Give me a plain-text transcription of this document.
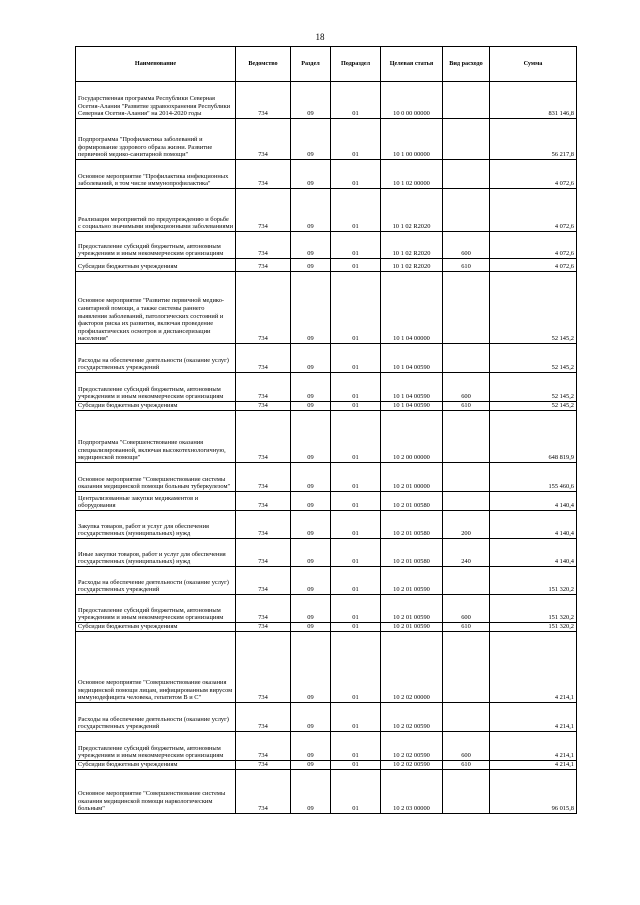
18
Наименование	Ведомство	Раздел	Подраздел	Целевая статья	Вид расходо	Сумма
Государственная программа Республики Северная Осетия-Алания "Развитие здравоохранения Республики Северная Осетия-Алания" на 2014-2020 годы	734	09	01	10 0 00 00000		831 146,8
Подпрограмма "Профилактика заболеваний и формирование здорового образа жизни. Развитие первичной медико-санитарной помощи"	734	09	01	10 1 00 00000		56 217,8
Основное мероприятие "Профилактика инфекционных заболеваний, в том числе иммунопрофилактика"	734	09	01	10 1 02 00000		4 072,6
Реализация мероприятий по предупреждению и борьбе с социально значимыми инфекционными заболеваниями	734	09	01	10 1 02 R2020		4 072,6
Предоставление субсидий бюджетным, автономным учреждениям и иным некоммерческим организациям	734	09	01	10 1 02 R2020	600	4 072,6
Субсидии бюджетным учреждениям	734	09	01	10 1 02 R2020	610	4 072,6
Основное мероприятие "Развитие первичной медико-санитарной помощи, а также системы раннего выявления заболеваний, патологических состояний и факторов риска их развития, включая проведение профилактических осмотров и диспансеризации населения"	734	09	01	10 1 04 00000		52 145,2
Расходы на обеспечение деятельности (оказание услуг) государственных учреждений	734	09	01	10 1 04 00590		52 145,2
Предоставление субсидий бюджетным, автономным учреждениям и иным некоммерческим организациям	734	09	01	10 1 04 00590	600	52 145,2
Субсидии бюджетным учреждениям	734	09	01	10 1 04 00590	610	52 145,2
Подпрограмма "Совершенствование оказания специализированной, включая высокотехнологичную, медицинской помощи"	734	09	01	10 2 00 00000		648 819,9
Основное мероприятие "Совершенствование системы оказания медицинской помощи больным туберкулезом"	734	09	01	10 2 01 00000		155 460,6
Централизованные закупки медикаментов и оборудования	734	09	01	10 2 01 00580		4 140,4
Закупка товаров, работ и услуг для обеспечения государственных (муниципальных) нужд	734	09	01	10 2 01 00580	200	4 140,4
Иные закупки товаров, работ и услуг для обеспечения государственных (муниципальных) нужд	734	09	01	10 2 01 00580	240	4 140,4
Расходы на обеспечение деятельности (оказание услуг) государственных учреждений	734	09	01	10 2 01 00590		151 320,2
Предоставление субсидий бюджетным, автономным учреждениям и иным некоммерческим организациям	734	09	01	10 2 01 00590	600	151 320,2
Субсидии бюджетным учреждениям	734	09	01	10 2 01 00590	610	151 320,2
Основное мероприятие "Совершенствование оказания медицинской помощи лицам, инфицированным вирусом иммунодефицита человека, гепатитом В и С"	734	09	01	10 2 02 00000		4 214,1
Расходы на обеспечение деятельности (оказание услуг) государственных учреждений	734	09	01	10 2 02 00590		4 214,1
Предоставление субсидий бюджетным, автономным учреждениям и иным некоммерческим организациям	734	09	01	10 2 02 00590	600	4 214,1
Субсидии бюджетным учреждениям	734	09	01	10 2 02 00590	610	4 214,1
Основное мероприятие "Совершенствование системы оказания медицинской помощи наркологическим больным"	734	09	01	10 2 03 00000		96 015,8
